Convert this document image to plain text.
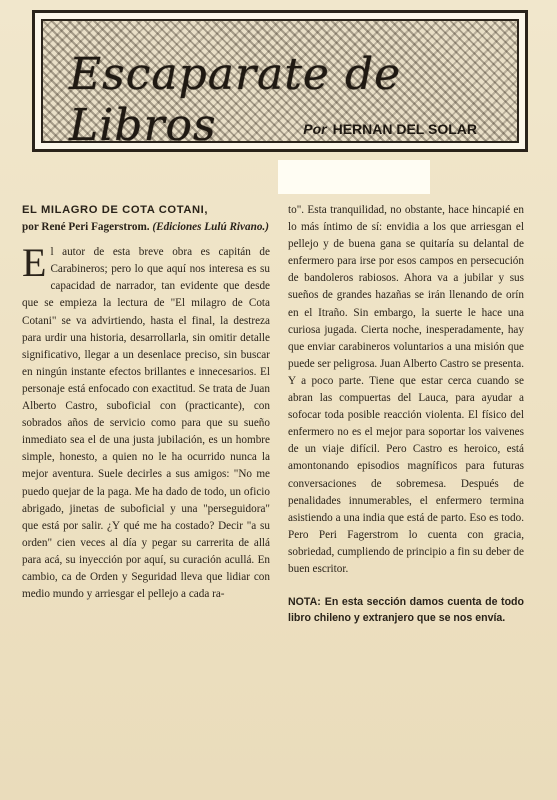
Escaparate de Libros	Por HERNAN DEL SOLAR

EL MILAGRO DE COTA COTANI,

por René Peri Fagerstrom. (Ediciones Lulú Rivano.)

El autor de esta breve obra es capitán de Carabineros; pero lo que aquí nos interesa es su capacidad de narrador, tan evidente que desde que se empieza la lectura de "El milagro de Cota Cotani" se va advirtiendo, hasta el final, la destreza para urdir una historia, desarrollarla, sin omitir detalle significativo, llegar a un desenlace preciso, sin buscar en ningún instante efectos brillantes e innecesarios. El personaje está enfocado con exactitud. Se trata de Juan Alberto Castro, suboficial con (practicante), con sobrados años de servicio como para que su sueño inmediato sea el de una justa jubilación, es un hombre simple, honesto, a quien no le ha ocurrido nunca la mejor aventura. Suele decirles a sus amigos: "No me puedo quejar de la paga. Me ha dado de todo, un oficio abrigado, jinetas de suboficial y una "perseguidora" que está por salir. ¿Y qué me ha costado? Decir "a su orden" cien veces al día y pegar su carrerita de allá para acá, su inyección por aquí, su curación acullá. En cambio, ca de Orden y Seguridad lleva que lidiar con medio mundo y arriesgar el pellejo a cada ra-

to". Esta tranquilidad, no obstante, hace hincapié en lo más íntimo de sí: envidia a los que arriesgan el pellejo y de buena gana se quitaría su delantal de enfermero para irse por esos campos en persecución de bandoleros rabiosos. Ahora va a jubilar y sus sueños de grandes hazañas se irán llenando de orín en el Itraño. Sin embargo, la suerte le hace una curiosa jugada. Cierta noche, inesperadamente, hay que enviar carabineros voluntarios a una misión que puede ser peligrosa. Juan Alberto Castro se presenta. Y a poco parte. Tiene que estar cerca cuando se abran las compuertas del Lauca, para ayudar a sofocar toda posible reacción violenta. El físico del enfermero no es el mejor para soportar los vaivenes de un viaje difícil. Pero Castro es heroico, está amontonando episodios magníficos para futuras conversaciones de sobremesa. Después de penalidades innumerables, el enfermero termina asistiendo a una india que está de parto. Eso es todo. Pero Peri Fagerstrom lo cuenta con gracia, sobriedad, cumpliendo de principio a fin su deber de buen escritor.

NOTA: En esta sección damos cuenta de todo libro chileno y extranjero que se nos envía.
